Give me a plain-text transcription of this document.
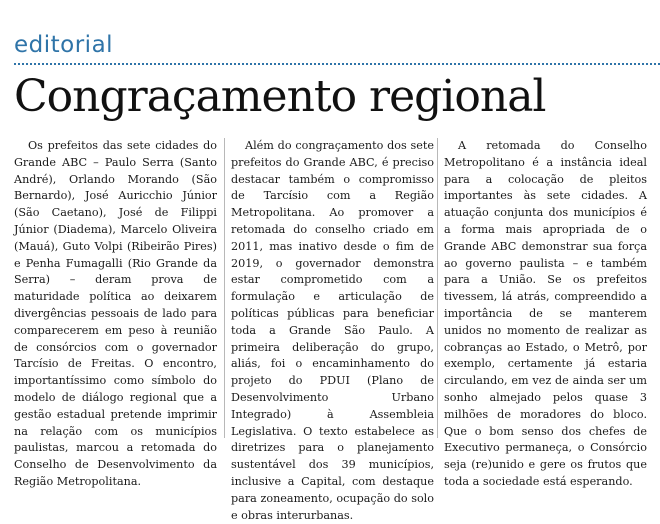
editorial
Congraçamento regional
Os prefeitos das sete cidades do Grande ABC – Paulo Serra (Santo André), Orlando Morando (São Bernardo), José Auricchio Júnior (São Caetano), José de Filippi Júnior (Diadema), Marcelo Oliveira (Mauá), Guto Volpi (Ribeirão Pires) e Penha Fumagalli (Rio Grande da Serra) – deram prova de maturidade política ao deixarem divergências pessoais de lado para comparecerem em peso à reunião de consórcios com o governador Tarcísio de Freitas. O encontro, importantíssimo como símbolo do modelo de diálogo regional que a gestão estadual pretende imprimir na relação com os municípios paulistas, marcou a retomada do Conselho de Desenvolvimento da Região Metropolitana.
Além do congraçamento dos sete prefeitos do Grande ABC, é preciso destacar também o compromisso de Tarcísio com a Região Metropolitana. Ao promover a retomada do conselho criado em 2011, mas inativo desde o fim de 2019, o governador demonstra estar comprometido com a formulação e articulação de políticas públicas para beneficiar toda a Grande São Paulo. A primeira deliberação do grupo, aliás, foi o encaminhamento do projeto do PDUI (Plano de Desenvolvimento Urbano Integrado) à Assembleia Legislativa. O texto estabelece as diretrizes para o planejamento sustentável dos 39 municípios, inclusive a Capital, com destaque para zoneamento, ocupação do solo e obras interurbanas.
A retomada do Conselho Metropolitano é a instância ideal para a colocação de pleitos importantes às sete cidades. A atuação conjunta dos municípios é a forma mais apropriada de o Grande ABC demonstrar sua força ao governo paulista – e também para a União. Se os prefeitos tivessem, lá atrás, compreendido a importância de se manterem unidos no momento de realizar as cobranças ao Estado, o Metrô, por exemplo, certamente já estaria circulando, em vez de ainda ser um sonho almejado pelos quase 3 milhões de moradores do bloco. Que o bom senso dos chefes de Executivo permaneça, o Consórcio seja (re)unido e gere os frutos que toda a sociedade está esperando.
